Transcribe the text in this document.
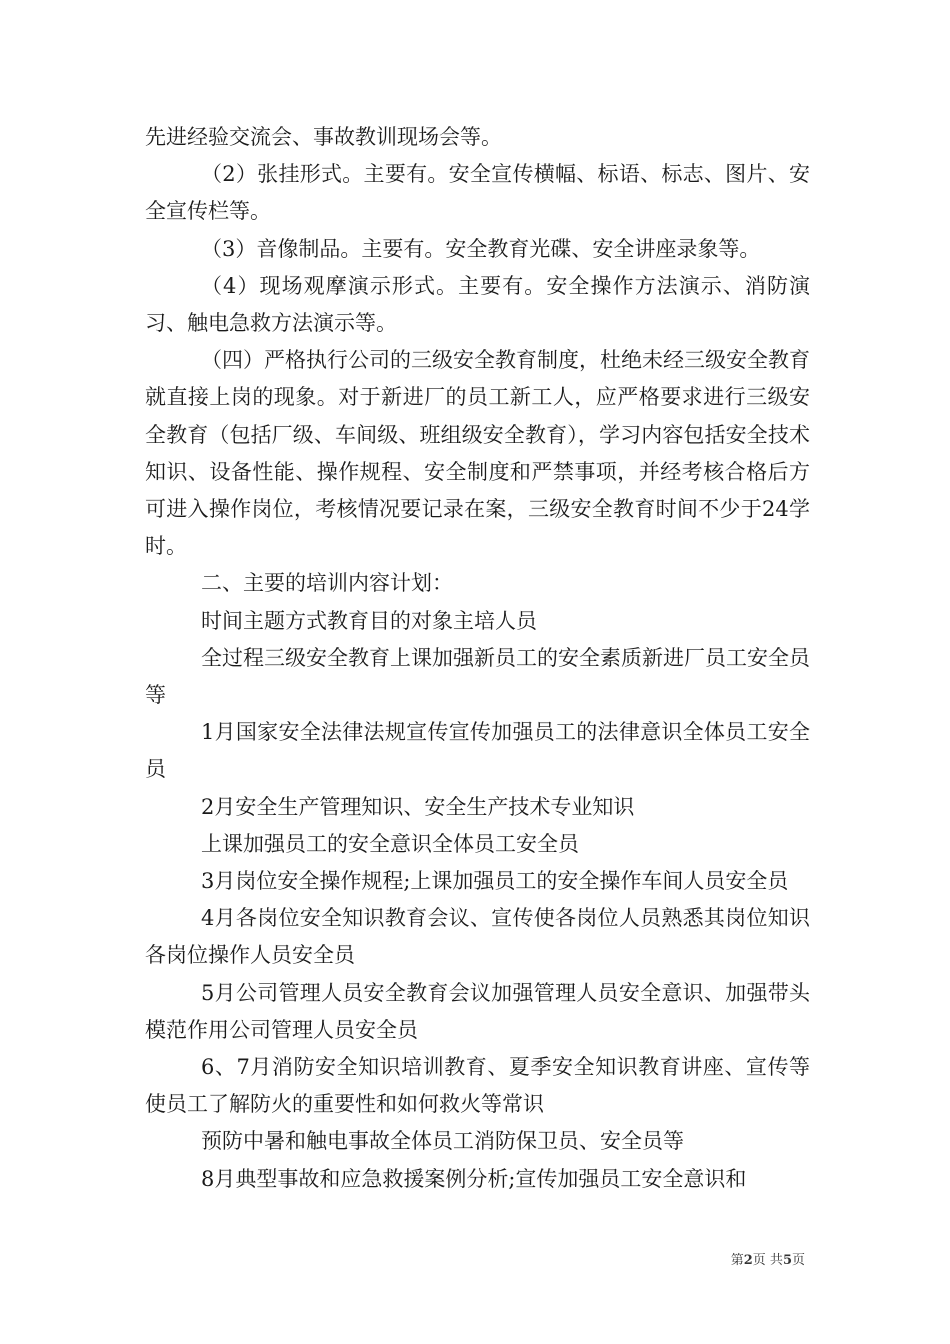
先进经验交流会、事故教训现场会等。

（2）张挂形式。主要有。安全宣传横幅、标语、标志、图片、安全宣传栏等。

（3）音像制品。主要有。安全教育光碟、安全讲座录象等。

（4）现场观摩演示形式。主要有。安全操作方法演示、消防演习、触电急救方法演示等。

（四）严格执行公司的三级安全教育制度，杜绝未经三级安全教育就直接上岗的现象。对于新进厂的员工新工人，应严格要求进行三级安全教育（包括厂级、车间级、班组级安全教育），学习内容包括安全技术知识、设备性能、操作规程、安全制度和严禁事项，并经考核合格后方可进入操作岗位，考核情况要记录在案，三级安全教育时间不少于24学时。

二、主要的培训内容计划：

时间主题方式教育目的对象主培人员

全过程三级安全教育上课加强新员工的安全素质新进厂员工安全员等

1月国家安全法律法规宣传宣传加强员工的法律意识全体员工安全员

2月安全生产管理知识、安全生产技术专业知识

上课加强员工的安全意识全体员工安全员

3月岗位安全操作规程;上课加强员工的安全操作车间人员安全员

4月各岗位安全知识教育会议、宣传使各岗位人员熟悉其岗位知识各岗位操作人员安全员

5月公司管理人员安全教育会议加强管理人员安全意识、加强带头模范作用公司管理人员安全员

6、7月消防安全知识培训教育、夏季安全知识教育讲座、宣传等使员工了解防火的重要性和如何救火等常识

预防中暑和触电事故全体员工消防保卫员、安全员等

8月典型事故和应急救援案例分析;宣传加强员工安全意识和

第2页 共5页
